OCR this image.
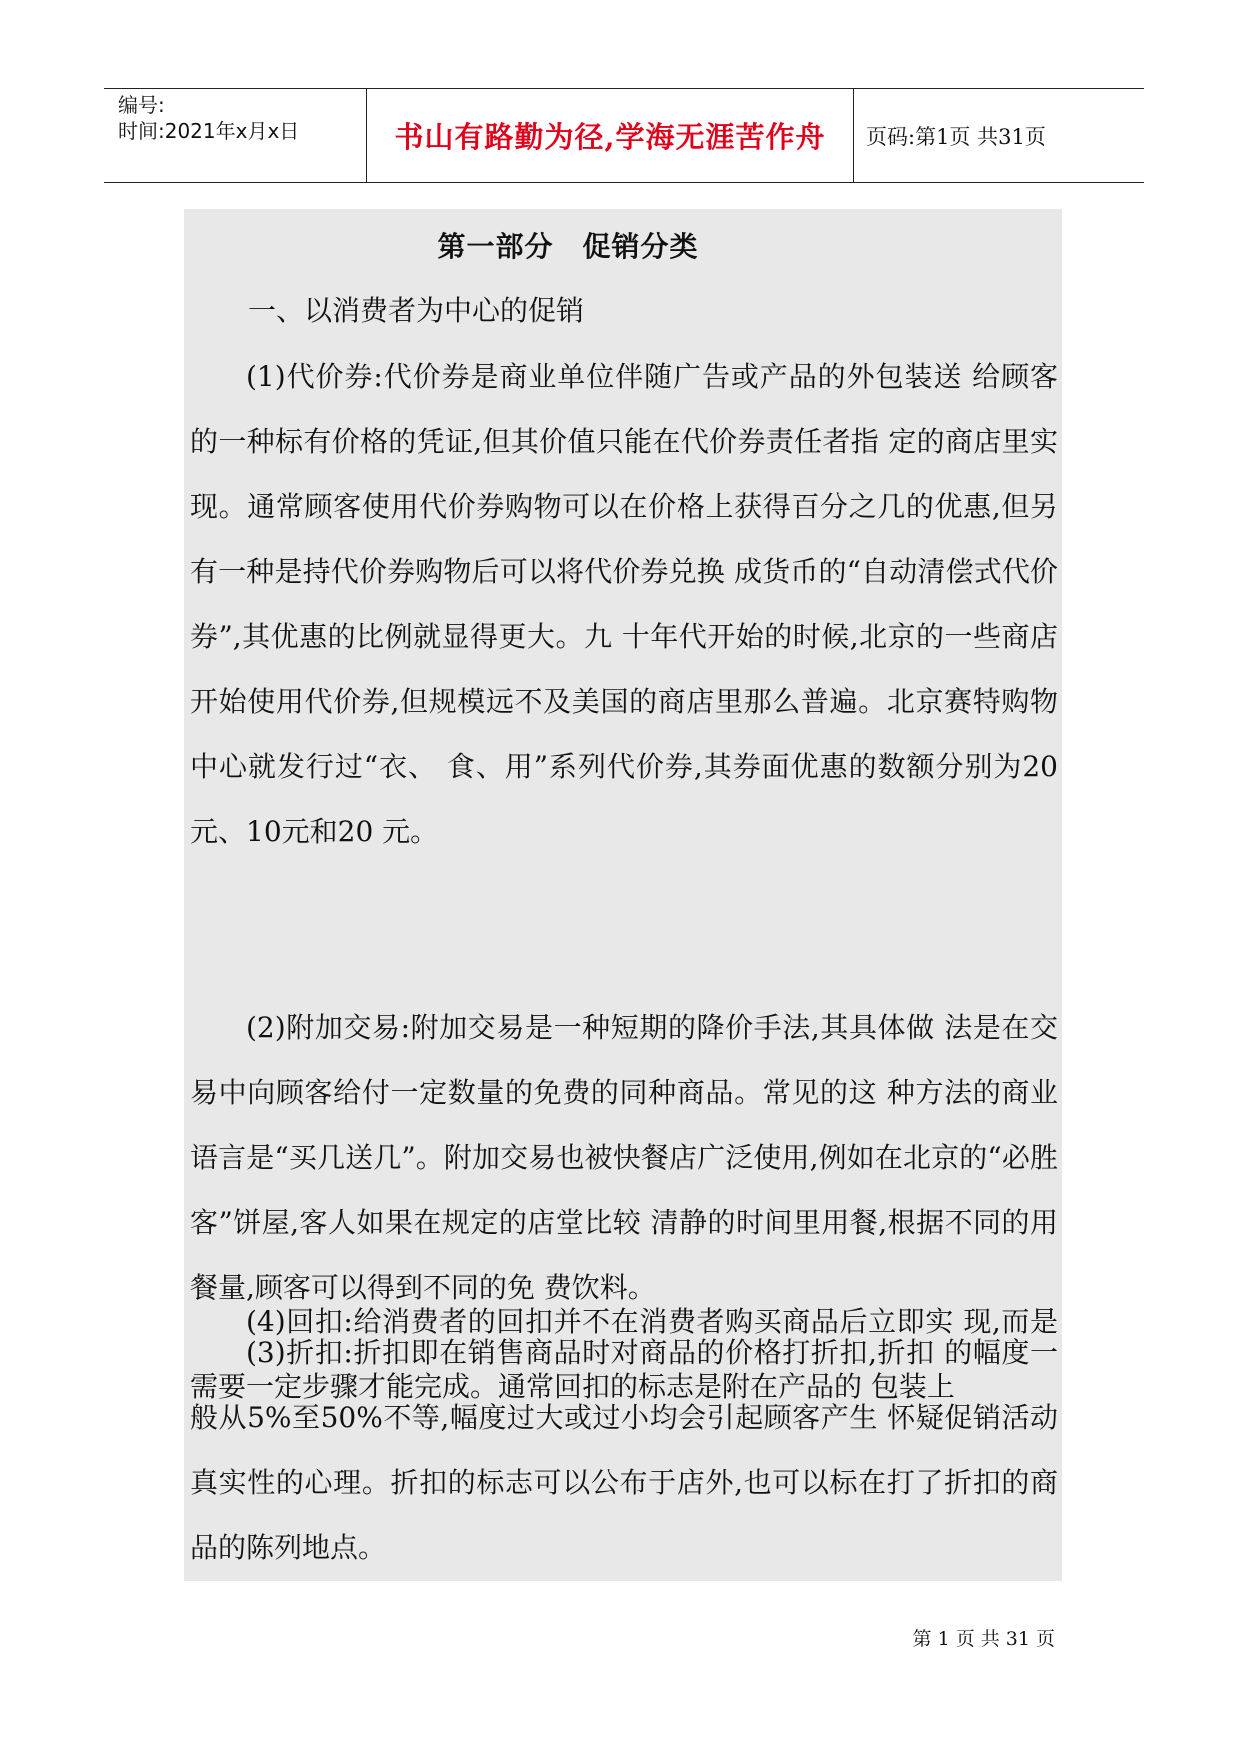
编号:
时间:2021年x月x日	书山有路勤为径,学海无涯苦作舟 页码:第1页 共31页
第一部分　促销分类
一、以消费者为中心的促销
(1)代价券:代价券是商业单位伴随广告或产品的外包装送 给顾客的一种标有价格的凭证,但其价值只能在代价券责任者指 定的商店里实现。通常顾客使用代价券购物可以在价格上获得百分之几的优惠,但另有一种是持代价券购物后可以将代价券兑换 成货币的“自动清偿式代价券”,其优惠的比例就显得更大。九 十年代开始的时候,北京的一些商店开始使用代价券,但规模远不及美国的商店里那么普遍。北京赛特购物中心就发行过“衣、 食、用”系列代价券,其券面优惠的数额分别为20元、10元和20 元。
(2)附加交易:附加交易是一种短期的降价手法,其具体做 法是在交易中向顾客给付一定数量的免费的同种商品。常见的这 种方法的商业语言是“买几送几”。附加交易也被快餐店广泛使用,例如在北京的“必胜客”饼屋,客人如果在规定的店堂比较 清静的时间里用餐,根据不同的用餐量,顾客可以得到不同的免 费饮料。
(3)折扣:折扣即在销售商品时对商品的价格打折扣,折扣 的幅度一般从5%至50%不等,幅度过大或过小均会引起顾客产生 怀疑促销活动真实性的心理。折扣的标志可以公布于店外,也可以标在打了折扣的商品的陈列地点。
(4)回扣:给消费者的回扣并不在消费者购买商品后立即实 现,而是需要一定步骤才能完成。通常回扣的标志是附在产品的 包装上
第 1 页 共 31 页
